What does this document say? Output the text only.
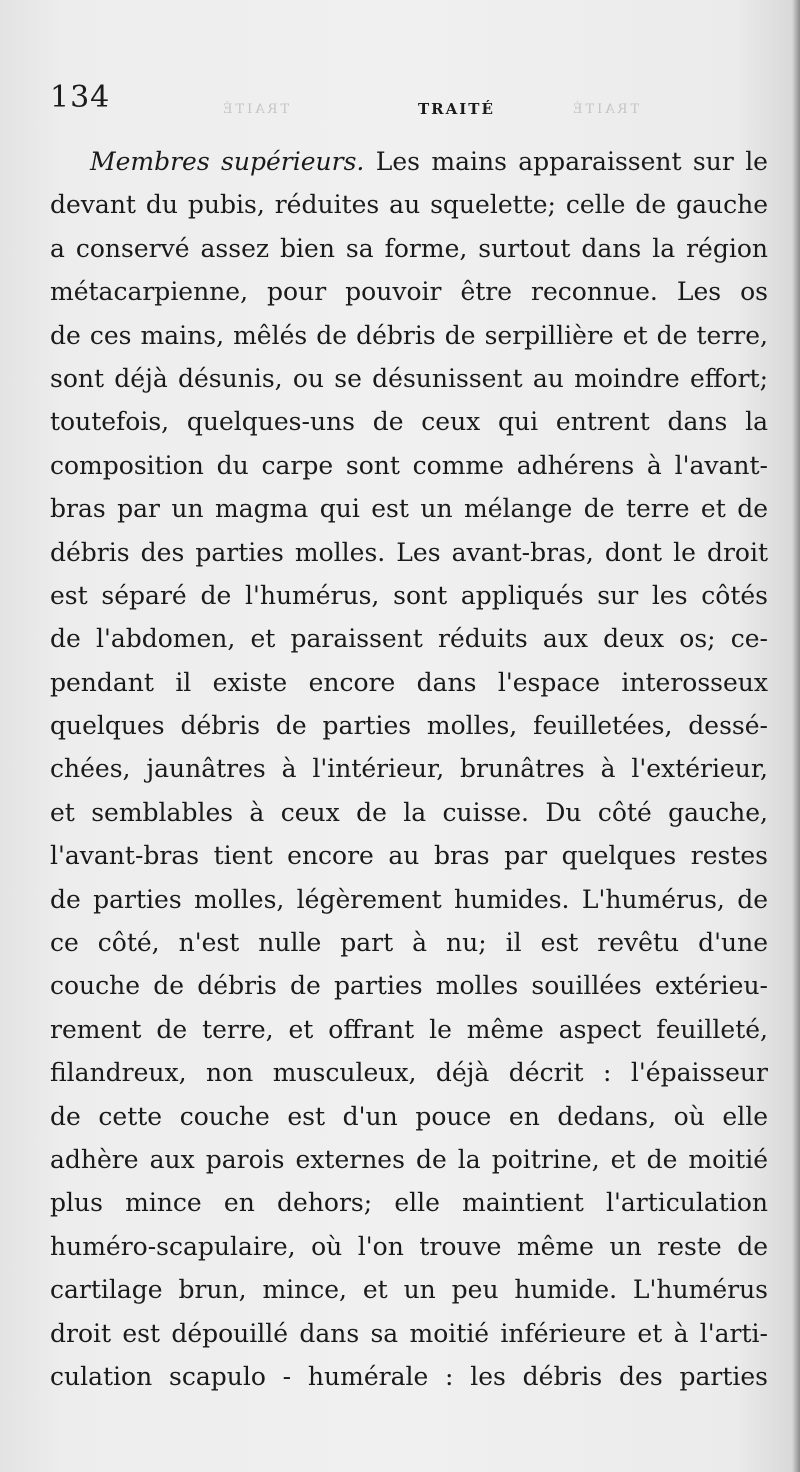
134	TRAITÉ	TRAITÉ
TRAITÉ
Membres supérieurs. Les mains apparaissent sur le
devant du pubis, réduites au squelette; celle de gauche
a conservé assez bien sa forme, surtout dans la région
métacarpienne, pour pouvoir être reconnue. Les os
de ces mains, mêlés de débris de serpillière et de terre,
sont déjà désunis, ou se désunissent au moindre effort;
toutefois, quelques-uns de ceux qui entrent dans la
composition du carpe sont comme adhérens à l'avant-
bras par un magma qui est un mélange de terre et de
débris des parties molles. Les avant-bras, dont le droit
est séparé de l'humérus, sont appliqués sur les côtés
de l'abdomen, et paraissent réduits aux deux os; ce-
pendant il existe encore dans l'espace interosseux
quelques débris de parties molles, feuilletées, dessé-
chées, jaunâtres à l'intérieur, brunâtres à l'extérieur,
et semblables à ceux de la cuisse. Du côté gauche,
l'avant-bras tient encore au bras par quelques restes
de parties molles, légèrement humides. L'humérus, de
ce côté, n'est nulle part à nu; il est revêtu d'une
couche de débris de parties molles souillées extérieu-
rement de terre, et offrant le même aspect feuilleté,
filandreux, non musculeux, déjà décrit : l'épaisseur
de cette couche est d'un pouce en dedans, où elle
adhère aux parois externes de la poitrine, et de moitié
plus mince en dehors; elle maintient l'articulation
huméro-scapulaire, où l'on trouve même un reste de
cartilage brun, mince, et un peu humide. L'humérus
droit est dépouillé dans sa moitié inférieure et à l'arti-
culation scapulo - humérale : les débris des parties
